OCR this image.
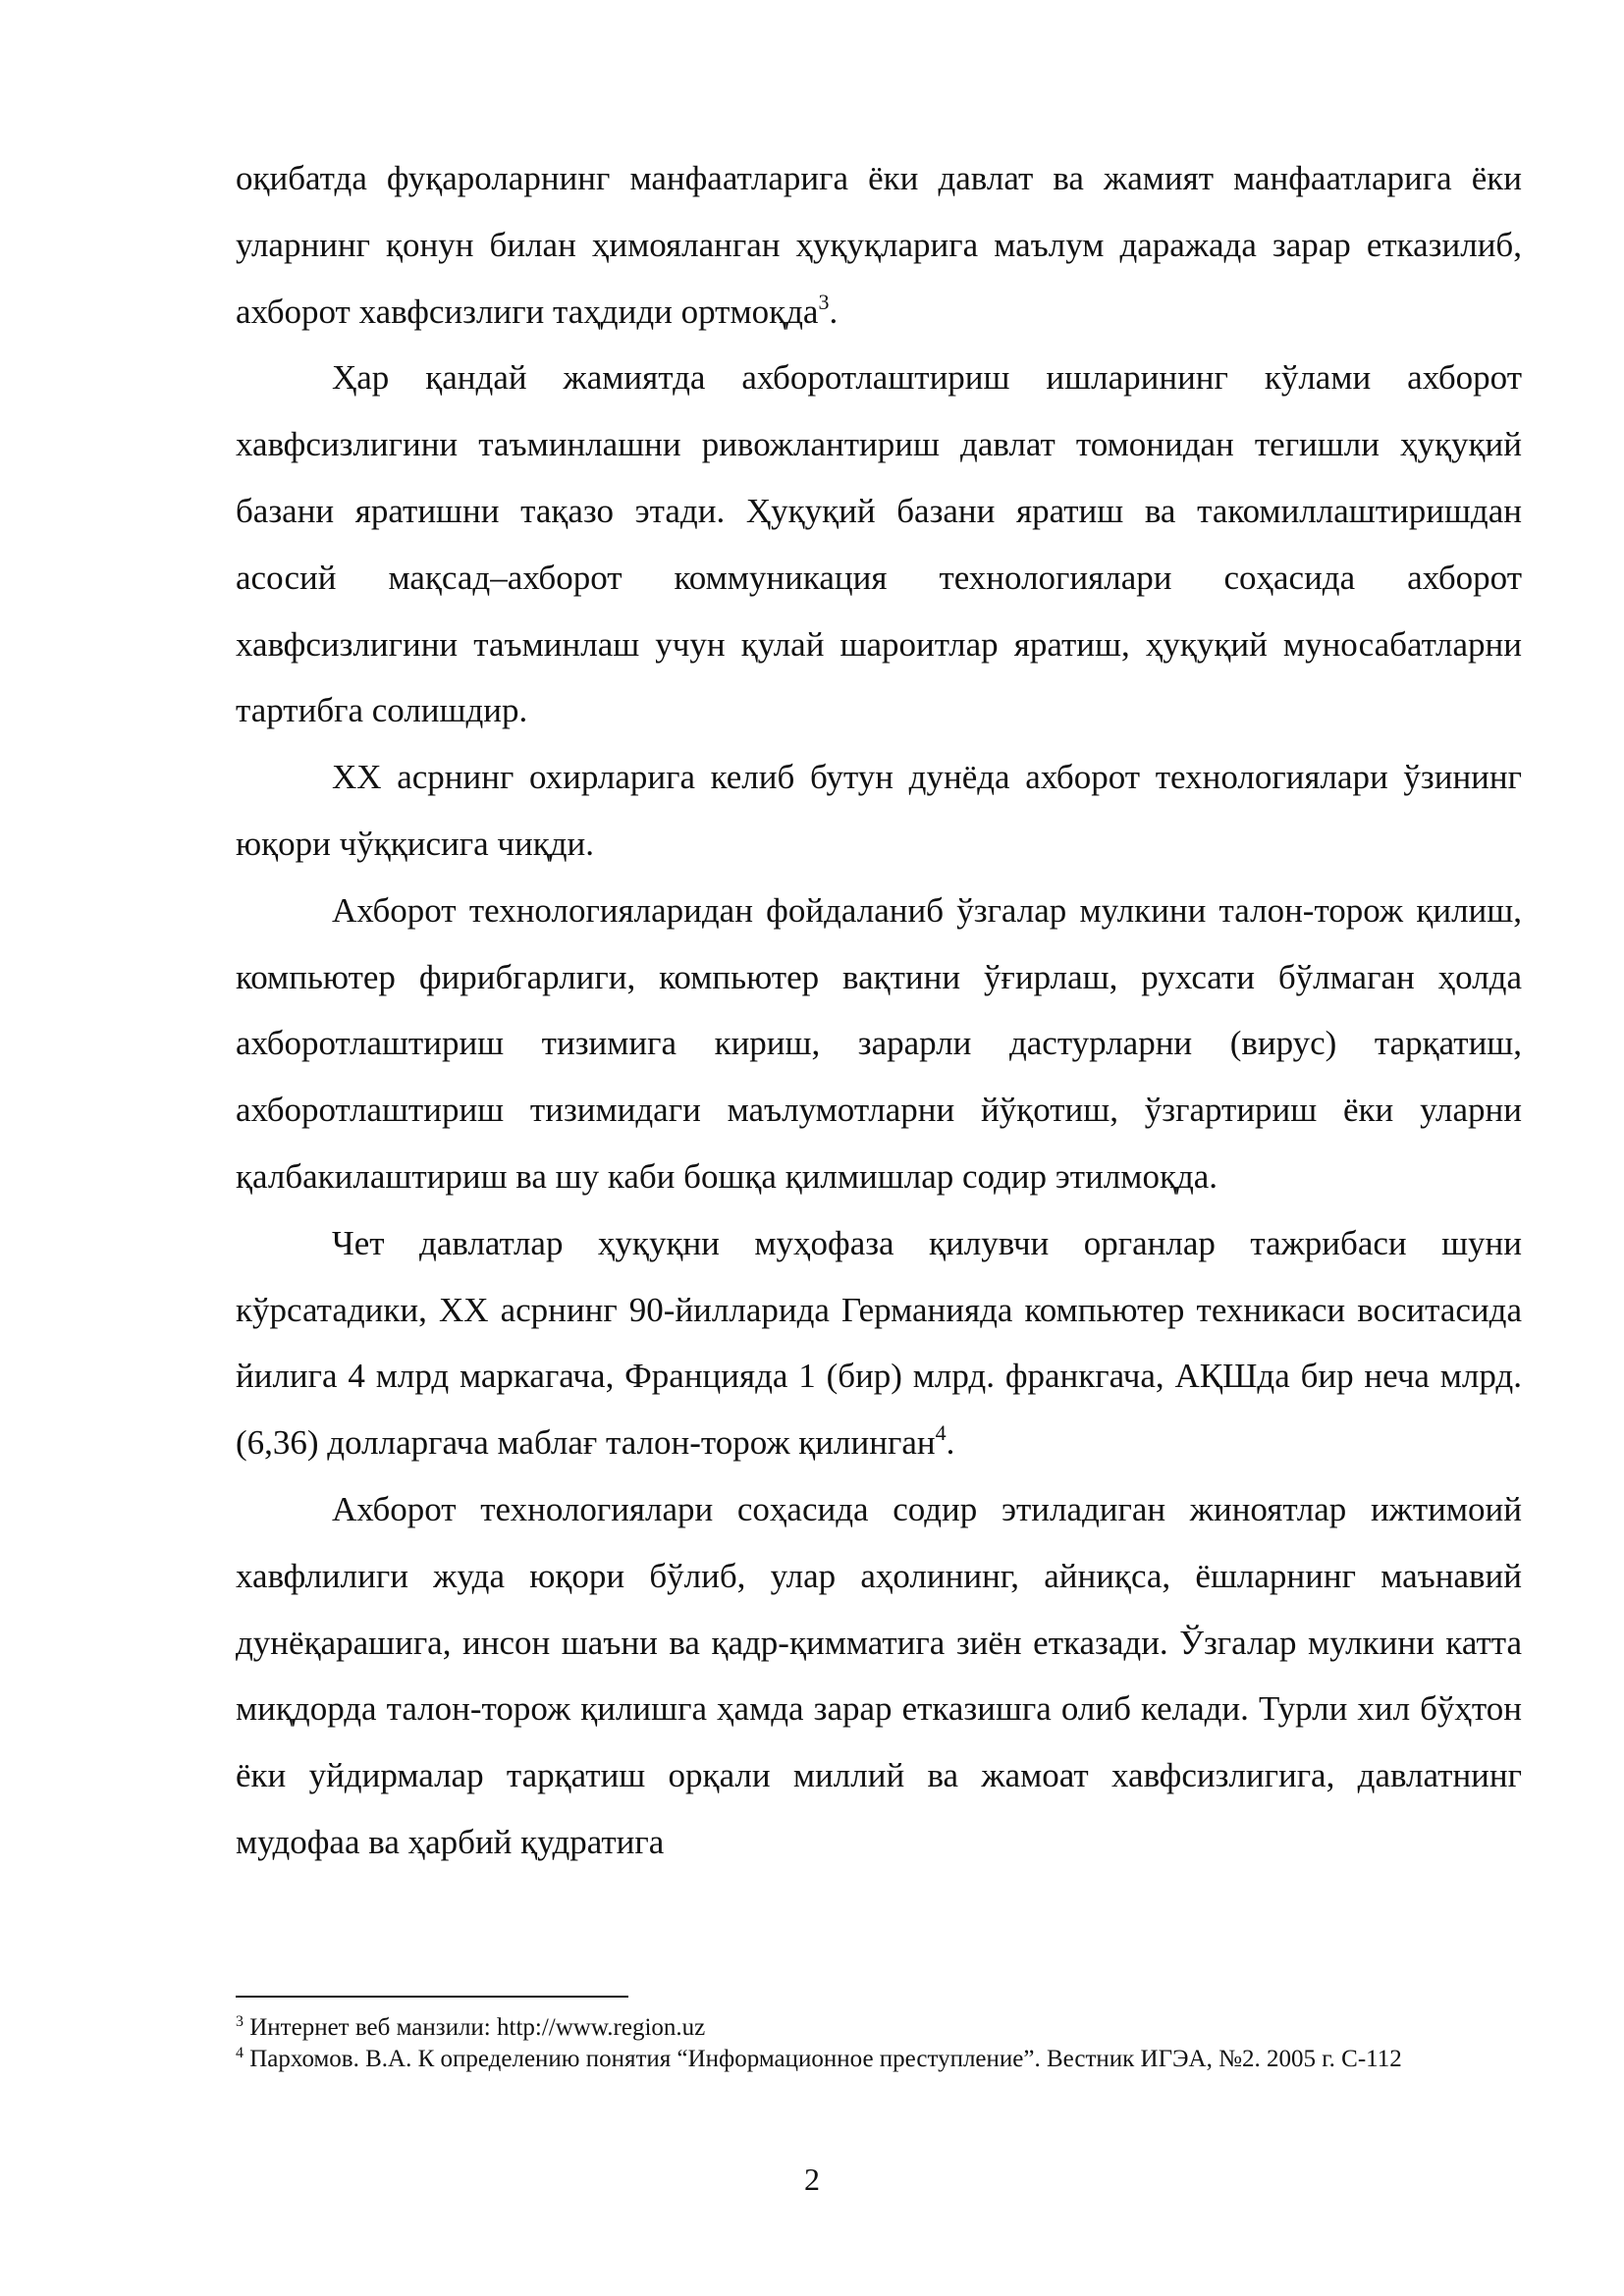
оқибатда фуқароларнинг манфаатларига ёки давлат ва жамият манфаатларига ёки уларнинг қонун билан ҳимояланган ҳуқуқларига маълум даражада зарар етказилиб, ахборот хавфсизлиги таҳдиди ортмоқда$^3$.

Ҳар қандай жамиятда ахборотлаштириш ишларининг кўлами ахборот хавфсизлигини таъминлашни ривожлантириш давлат томонидан тегишли ҳуқуқий базани яратишни тақазо этади. Ҳуқуқий базани яратиш ва такомиллаштиришдан асосий мақсад–ахборот коммуникация технологиялари соҳасида ахборот хавфсизлигини таъминлаш учун қулай шароитлар яратиш, ҳуқуқий муносабатларни тартибга солишдир.

XX асрнинг охирларига келиб бутун дунёда ахборот технологиялари ўзининг юқори чўққисига чиқди.

Ахборот технологияларидан фойдаланиб ўзгалар мулкини талон-торож қилиш, компьютер фирибгарлиги, компьютер вақтини ўғирлаш, рухсати бўлмаган ҳолда ахборотлаштириш тизимига кириш, зарарли дастурларни (вирус) тарқатиш, ахборотлаштириш тизимидаги маълумотларни йўқотиш, ўзгартириш ёки уларни қалбакилаштириш ва шу каби бошқа қилмишлар содир этилмоқда.

Чет давлатлар ҳуқуқни муҳофаза қилувчи органлар тажрибаси шуни кўрсатадики, XX асрнинг 90-йилларида Германияда компьютер техникаси воситасида йилига 4 млрд маркагача, Францияда 1 (бир) млрд. франкгача, АҚШда бир неча млрд. (6,36) долларгача маблағ талон-торож қилинган$^4$.

Ахборот технологиялари соҳасида содир этиладиган жиноятлар ижтимоий хавфлилиги жуда юқори бўлиб, улар аҳолининг, айниқса, ёшларнинг маънавий дунёқарашига, инсон шаъни ва қадр-қимматига зиён етказади. Ўзгалар мулкини катта миқдорда талон-торож қилишга ҳамда зарар етказишга олиб келади. Турли хил бўҳтон ёки уйдирмалар тарқатиш орқали миллий ва жамоат хавфсизлигига, давлатнинг мудофаа ва ҳарбий қудратига

$^3$ Интернет веб манзили: http://www.region.uz

$^4$ Пархомов. В.А. К определению понятия “Информационное преступление”. Вестник ИГЭА, №2. 2005 г. С-112

2
